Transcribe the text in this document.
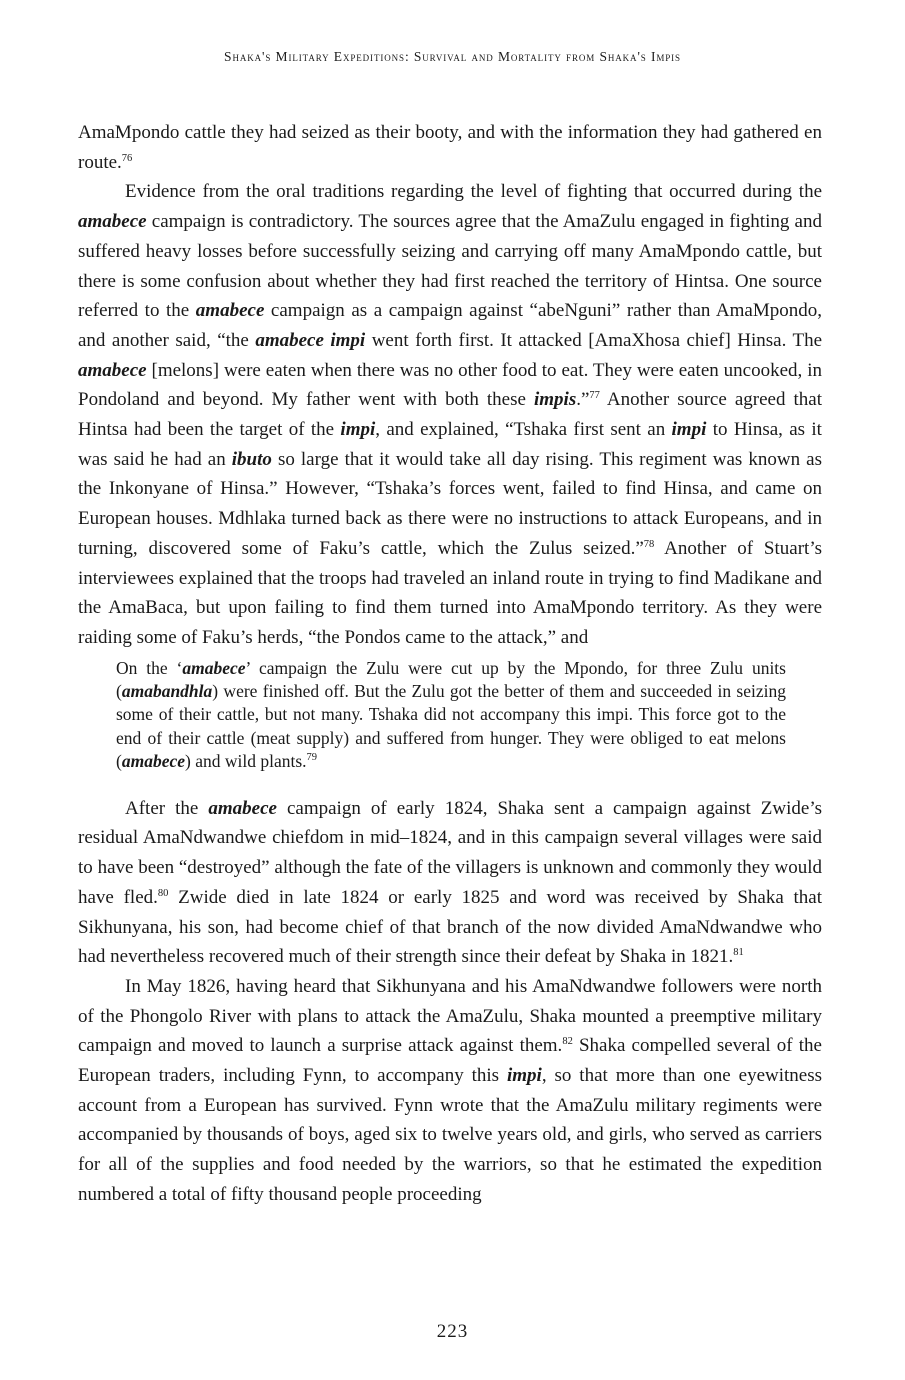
Shaka's Military Expeditions: Survival and Mortality from Shaka's Impis

AmaMpondo cattle they had seized as their booty, and with the information they had gathered en route.$^{76}$

Evidence from the oral traditions regarding the level of fighting that occurred during the amabece campaign is contradictory. The sources agree that the AmaZulu engaged in fighting and suffered heavy losses before successfully seizing and carrying off many AmaMpondo cattle, but there is some confusion about whether they had first reached the territory of Hintsa. One source referred to the amabece campaign as a campaign against “abeNguni” rather than AmaMpondo, and another said, “the amabece impi went forth first. It attacked [AmaXhosa chief] Hinsa. The amabece [melons] were eaten when there was no other food to eat. They were eaten uncooked, in Pondoland and beyond. My father went with both these impis.”$^{77}$ Another source agreed that Hintsa had been the target of the impi, and explained, “Tshaka first sent an impi to Hinsa, as it was said he had an ibuto so large that it would take all day rising. This regiment was known as the Inkonyane of Hinsa.” However, “Tshaka’s forces went, failed to find Hinsa, and came on European houses. Mdhlaka turned back as there were no instructions to attack Europeans, and in turning, discovered some of Faku’s cattle, which the Zulus seized.”$^{78}$ Another of Stuart’s interviewees explained that the troops had traveled an inland route in trying to find Madikane and the AmaBaca, but upon failing to find them turned into AmaMpondo territory. As they were raiding some of Faku’s herds, “the Pondos came to the attack,” and

On the ‘amabece’ campaign the Zulu were cut up by the Mpondo, for three Zulu units (amabandhla) were finished off. But the Zulu got the better of them and succeeded in seizing some of their cattle, but not many. Tshaka did not accompany this impi. This force got to the end of their cattle (meat supply) and suffered from hunger. They were obliged to eat melons (amabece) and wild plants.$^{79}$

After the amabece campaign of early 1824, Shaka sent a campaign against Zwide’s residual AmaNdwandwe chiefdom in mid–1824, and in this campaign several villages were said to have been “destroyed” although the fate of the villagers is unknown and commonly they would have fled.$^{80}$ Zwide died in late 1824 or early 1825 and word was received by Shaka that Sikhunyana, his son, had become chief of that branch of the now divided AmaNdwandwe who had nevertheless recovered much of their strength since their defeat by Shaka in 1821.81

In May 1826, having heard that Sikhunyana and his AmaNdwandwe followers were north of the Phongolo River with plans to attack the AmaZulu, Shaka mounted a preemptive military campaign and moved to launch a surprise attack against them.$^{82}$ Shaka compelled several of the European traders, including Fynn, to accompany this impi, so that more than one eyewitness account from a European has survived. Fynn wrote that the AmaZulu military regiments were accompanied by thousands of boys, aged six to twelve years old, and girls, who served as carriers for all of the supplies and food needed by the warriors, so that he estimated the expedition numbered a total of fifty thousand people proceeding

223
